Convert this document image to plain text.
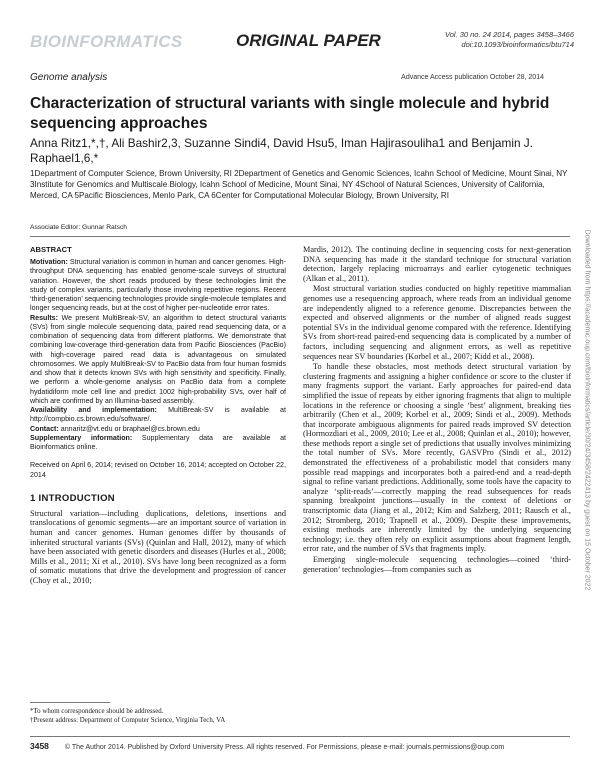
BIOINFORMATICS	ORIGINAL PAPER	Vol. 30 no. 24 2014, pages 3458–3466
doi:10.1093/bioinformatics/btu714
Genome analysis	Advance Access publication October 28, 2014
Characterization of structural variants with single molecule and hybrid sequencing approaches
Anna Ritz1,*,†, Ali Bashir2,3, Suzanne Sindi4, David Hsu5, Iman Hajirasouliha1 and Benjamin J. Raphael1,6,*
1Department of Computer Science, Brown University, RI 2Department of Genetics and Genomic Sciences, Icahn School of Medicine, Mount Sinai, NY 3Institute for Genomics and Multiscale Biology, Icahn School of Medicine, Mount Sinai, NY 4School of Natural Sciences, University of California, Merced, CA 5Pacific Biosciences, Menlo Park, CA 6Center for Computational Molecular Biology, Brown University, RI
Associate Editor: Gunnar Ratsch
ABSTRACT
Motivation: Structural variation is common in human and cancer genomes. High-throughput DNA sequencing has enabled genome-scale surveys of structural variation. However, the short reads produced by these technologies limit the study of complex variants, particularly those involving repetitive regions. Recent ‘third-generation’ sequencing technologies provide single-molecule templates and longer sequencing reads, but at the cost of higher per-nucleotide error rates.
Results: We present MultiBreak-SV, an algorithm to detect structural variants (SVs) from single molecule sequencing data, paired read sequencing data, or a combination of sequencing data from different platforms. We demonstrate that combining low-coverage third-generation data from Pacific Biosciences (PacBio) with high-coverage paired read data is advantageous on simulated chromosomes. We apply MultiBreak-SV to PacBio data from four human fosmids and show that it detects known SVs with high sensitivity and specificity. Finally, we perform a whole-genome analysis on PacBio data from a complete hydatidiform mole cell line and predict 1002 high-probability SVs, over half of which are confirmed by an Illumina-based assembly.
Availability and implementation: MultiBreak-SV is available at http://compbio.cs.brown.edu/software/.
Contact: annaritz@vt.edu or braphael@cs.brown.edu
Supplementary information: Supplementary data are available at Bioinformatics online.
Received on April 6, 2014; revised on October 16, 2014; accepted on October 22, 2014
1 INTRODUCTION
Structural variation—including duplications, deletions, insertions and translocations of genomic segments—are an important source of variation in human and cancer genomes. Human genomes differ by thousands of inherited structural variants (SVs) (Quinlan and Hall, 2012), many of which have been associated with genetic disorders and diseases (Hurles et al., 2008; Mills et al., 2011; Xi et al., 2010). SVs have long been recognized as a form of somatic mutations that drive the development and progression of cancer (Choy et al., 2010;
Mardis, 2012). The continuing decline in sequencing costs for next-generation DNA sequencing has made it the standard technique for structural variation detection, largely replacing microarrays and earlier cytogenetic techniques (Alkan et al., 2011).
Most structural variation studies conducted on highly repetitive mammalian genomes use a resequencing approach, where reads from an individual genome are independently aligned to a reference genome. Discrepancies between the expected and observed alignments or the number of aligned reads suggest potential SVs in the individual genome compared with the reference. Identifying SVs from short-read paired-end sequencing data is complicated by a number of factors, including sequencing and alignment errors, as well as repetitive sequences near SV boundaries (Korbel et al., 2007; Kidd et al., 2008).
To handle these obstacles, most methods detect structural variation by clustering fragments and assigning a higher confidence or score to the cluster if many fragments support the variant. Early approaches for paired-end data simplified the issue of repeats by either ignoring fragments that align to multiple locations in the reference or choosing a single ‘best’ alignment, breaking ties arbitrarily (Chen et al., 2009; Korbel et al., 2009; Sindi et al., 2009). Methods that incorporate ambiguous alignments for paired reads improved SV detection (Hormozdiari et al., 2009, 2010; Lee et al., 2008; Quinlan et al., 2010); however, these methods report a single set of predictions that usually involves minimizing the total number of SVs. More recently, GASVPro (Sindi et al., 2012) demonstrated the effectiveness of a probabilistic model that considers many possible read mappings and incorporates both a paired-end and a read-depth signal to refine variant predictions. Additionally, some tools have the capacity to analyze ‘split-reads’—correctly mapping the read subsequences for reads spanning breakpoint junctions—usually in the context of deletions or transcriptomic data (Jiang et al., 2012; Kim and Salzberg, 2011; Rausch et al., 2012; Stromberg, 2010; Trapnell et al., 2009). Despite these improvements, existing methods are inherently limited by the underlying sequencing technology; i.e. they often rely on explicit assumptions about fragment length, error rate, and the number of SVs that fragments imply.
Emerging single-molecule sequencing technologies—coined ‘third-generation’ technologies—from companies such as
*To whom correspondence should be addressed.
†Present address: Department of Computer Science, Virginia Tech, VA
3458 © The Author 2014. Published by Oxford University Press. All rights reserved. For Permissions, please e-mail: journals.permissions@oup.com
Downloaded from https://academic.oup.com/bioinformatics/article/30/24/3458/2422413 by guest on 15 October 2022
